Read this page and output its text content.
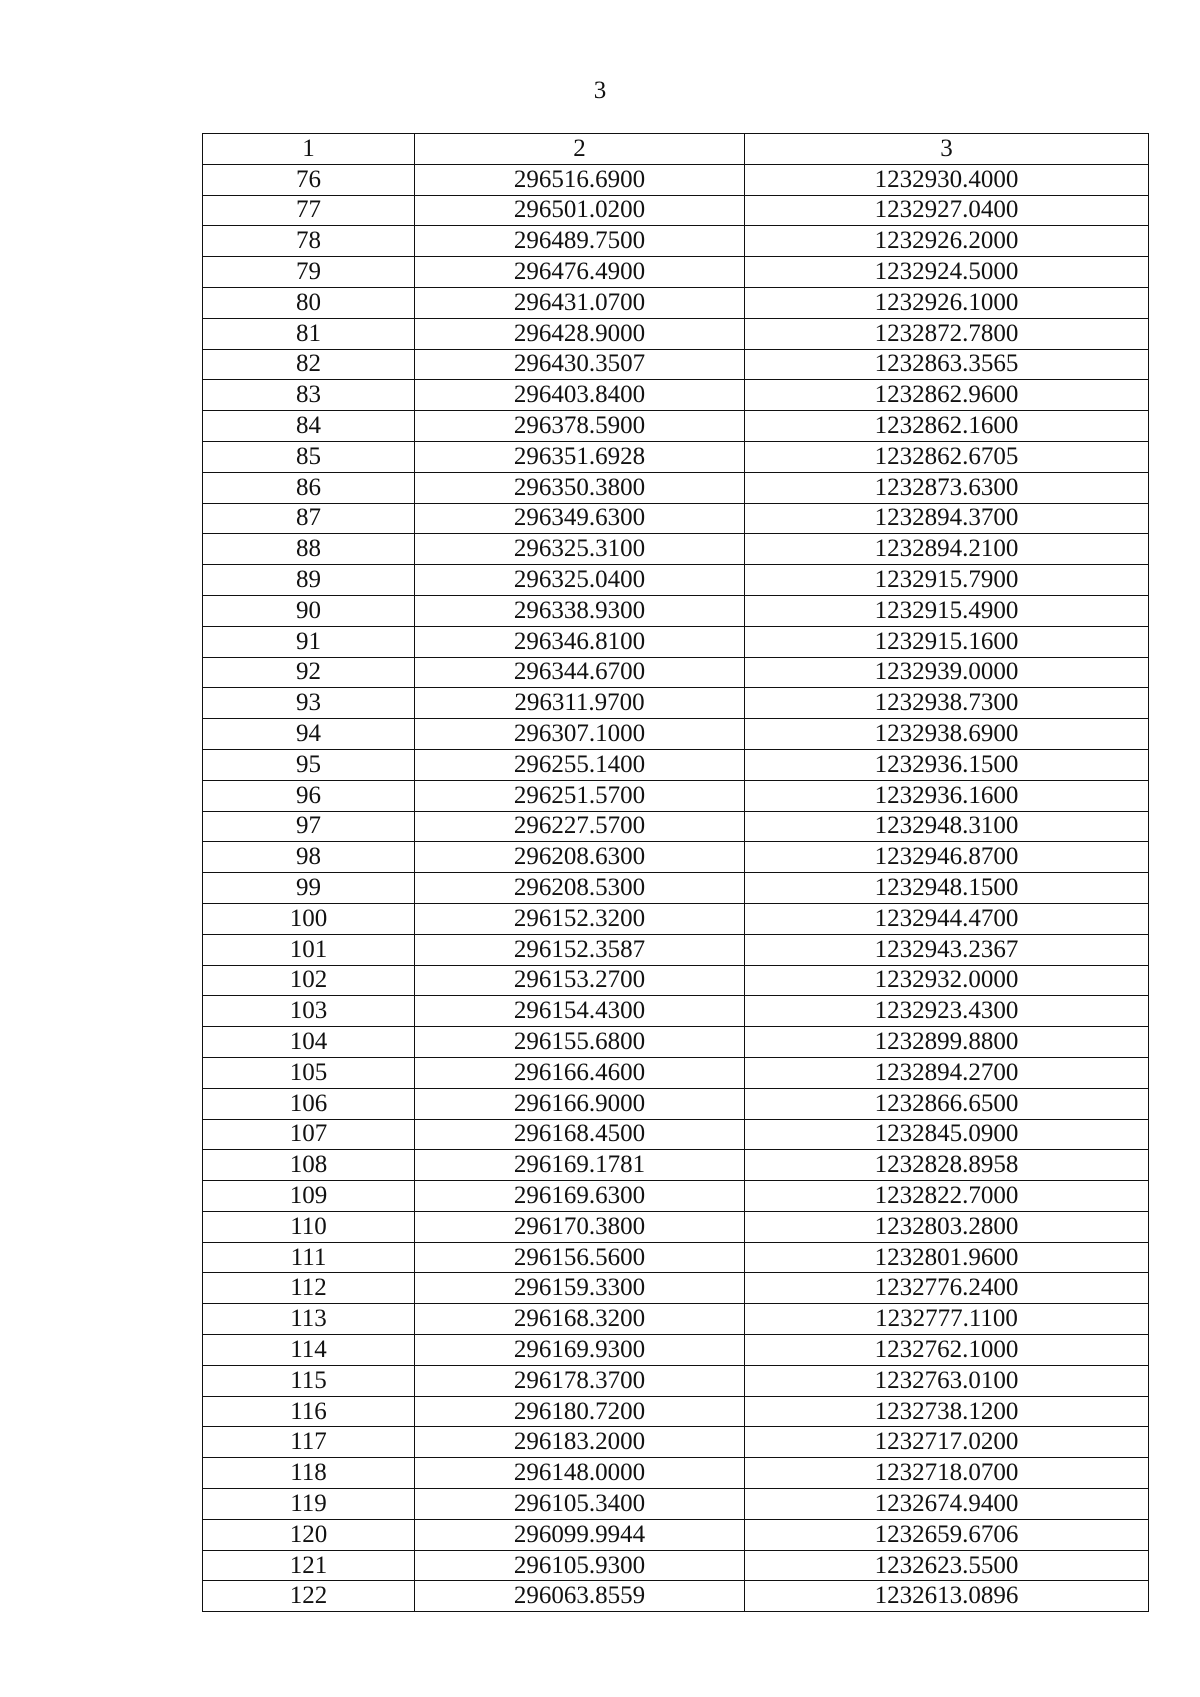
3
1	2	3
76	296516.6900	1232930.4000
77	296501.0200	1232927.0400
78	296489.7500	1232926.2000
79	296476.4900	1232924.5000
80	296431.0700	1232926.1000
81	296428.9000	1232872.7800
82	296430.3507	1232863.3565
83	296403.8400	1232862.9600
84	296378.5900	1232862.1600
85	296351.6928	1232862.6705
86	296350.3800	1232873.6300
87	296349.6300	1232894.3700
88	296325.3100	1232894.2100
89	296325.0400	1232915.7900
90	296338.9300	1232915.4900
91	296346.8100	1232915.1600
92	296344.6700	1232939.0000
93	296311.9700	1232938.7300
94	296307.1000	1232938.6900
95	296255.1400	1232936.1500
96	296251.5700	1232936.1600
97	296227.5700	1232948.3100
98	296208.6300	1232946.8700
99	296208.5300	1232948.1500
100	296152.3200	1232944.4700
101	296152.3587	1232943.2367
102	296153.2700	1232932.0000
103	296154.4300	1232923.4300
104	296155.6800	1232899.8800
105	296166.4600	1232894.2700
106	296166.9000	1232866.6500
107	296168.4500	1232845.0900
108	296169.1781	1232828.8958
109	296169.6300	1232822.7000
110	296170.3800	1232803.2800
111	296156.5600	1232801.9600
112	296159.3300	1232776.2400
113	296168.3200	1232777.1100
114	296169.9300	1232762.1000
115	296178.3700	1232763.0100
116	296180.7200	1232738.1200
117	296183.2000	1232717.0200
118	296148.0000	1232718.0700
119	296105.3400	1232674.9400
120	296099.9944	1232659.6706
121	296105.9300	1232623.5500
122	296063.8559	1232613.0896
